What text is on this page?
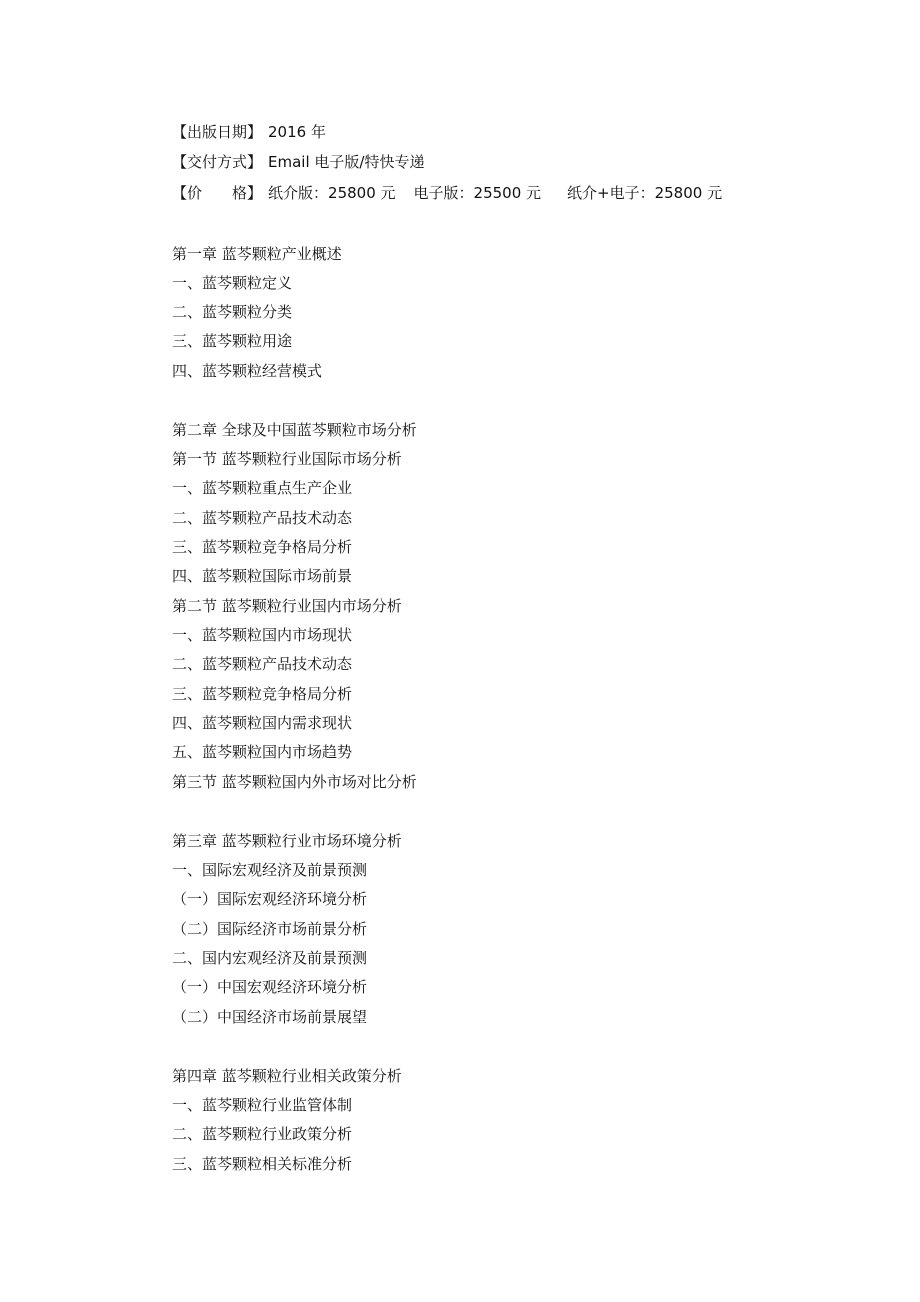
【出版日期】 2016 年
【交付方式】 Email 电子版/特快专递
【价 格】 纸介版：25800 元 电子版：25500 元 纸介+电子：25800 元
第一章 蓝芩颗粒产业概述
一、蓝芩颗粒定义
二、蓝芩颗粒分类
三、蓝芩颗粒用途
四、蓝芩颗粒经营模式
第二章 全球及中国蓝芩颗粒市场分析
第一节 蓝芩颗粒行业国际市场分析
一、蓝芩颗粒重点生产企业
二、蓝芩颗粒产品技术动态
三、蓝芩颗粒竞争格局分析
四、蓝芩颗粒国际市场前景
第二节 蓝芩颗粒行业国内市场分析
一、蓝芩颗粒国内市场现状
二、蓝芩颗粒产品技术动态
三、蓝芩颗粒竞争格局分析
四、蓝芩颗粒国内需求现状
五、蓝芩颗粒国内市场趋势
第三节 蓝芩颗粒国内外市场对比分析
第三章 蓝芩颗粒行业市场环境分析
一、国际宏观经济及前景预测
（一）国际宏观经济环境分析
（二）国际经济市场前景分析
二、国内宏观经济及前景预测
（一）中国宏观经济环境分析
（二）中国经济市场前景展望
第四章 蓝芩颗粒行业相关政策分析
一、蓝芩颗粒行业监管体制
二、蓝芩颗粒行业政策分析
三、蓝芩颗粒相关标准分析
